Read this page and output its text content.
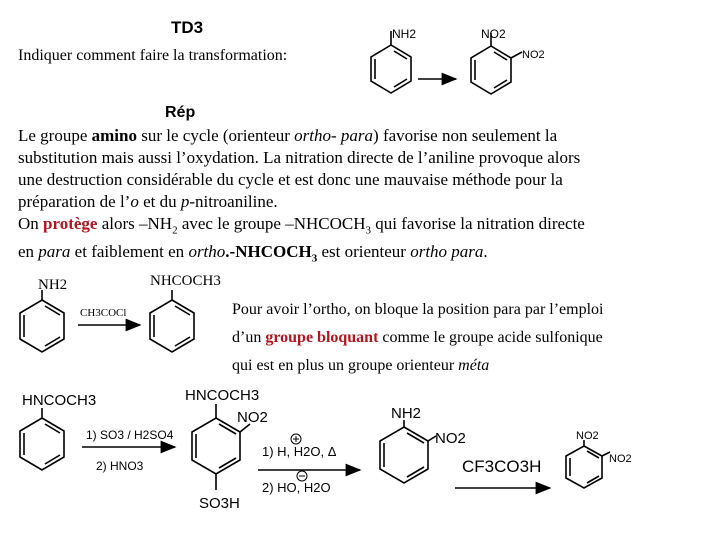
TD3
Indiquer comment faire la transformation:
Rép
Le groupe amino sur le cycle (orienteur ortho- para) favorise non seulement la
substitution mais aussi l’oxydation. La nitration directe de l’aniline provoque alors
une destruction considérable du cycle et est donc une mauvaise méthode pour la
préparation de l’o et du p-nitroaniline.
On protège alors $-NH_2$ avec le groupe $-NHCOCH_3$ qui favorise la nitration directe
en para et faiblement en $ortho.-NHCOCH_3$ est orienteur ortho para.
Pour avoir l’ortho, on bloque la position para par l’emploi
d’un groupe bloquant comme le groupe acide sulfonique
qui est en plus un groupe orienteur méta
NH2	NO2
NO2
NH2
CH3COCl
NHCOCH3
HNCOCH3
1) SO3 / H2SO4
2) HNO3
HNCOCH3
NO2
SO3H
1) H, H2O, Δ
2) HO, H2O
NH2
NO2
CF3CO3H
NO2
NO2
